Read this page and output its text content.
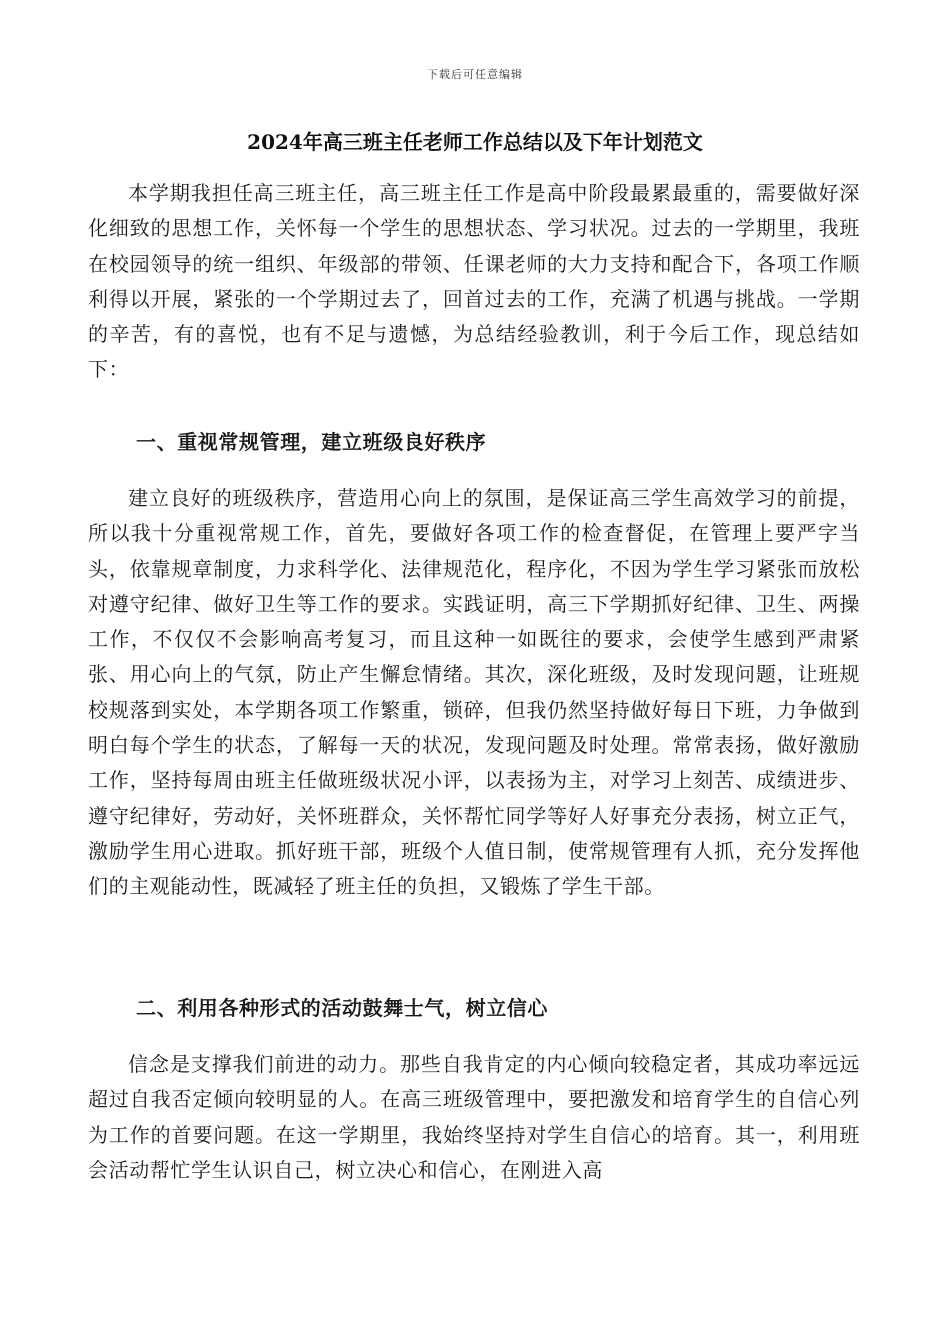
下载后可任意编辑
2024年高三班主任老师工作总结以及下年计划范文

本学期我担任高三班主任，高三班主任工作是高中阶段最累最重的，需要做好深化细致的思想工作，关怀每一个学生的思想状态、学习状况。过去的一学期里，我班在校园领导的统一组织、年级部的带领、任课老师的大力支持和配合下，各项工作顺利得以开展，紧张的一个学期过去了，回首过去的工作，充满了机遇与挑战。一学期的辛苦，有的喜悦，也有不足与遗憾，为总结经验教训，利于今后工作，现总结如下：

一、重视常规管理，建立班级良好秩序

建立良好的班级秩序，营造用心向上的氛围，是保证高三学生高效学习的前提，所以我十分重视常规工作，首先，要做好各项工作的检查督促，在管理上要严字当头，依靠规章制度，力求科学化、法律规范化，程序化，不因为学生学习紧张而放松对遵守纪律、做好卫生等工作的要求。实践证明，高三下学期抓好纪律、卫生、两操工作，不仅仅不会影响高考复习，而且这种一如既往的要求，会使学生感到严肃紧张、用心向上的气氛，防止产生懈怠情绪。其次，深化班级，及时发现问题，让班规校规落到实处，本学期各项工作繁重，锁碎，但我仍然坚持做好每日下班，力争做到明白每个学生的状态，了解每一天的状况，发现问题及时处理。常常表扬，做好激励工作，坚持每周由班主任做班级状况小评，以表扬为主，对学习上刻苦、成绩进步、遵守纪律好，劳动好，关怀班群众，关怀帮忙同学等好人好事充分表扬，树立正气，激励学生用心进取。抓好班干部，班级个人值日制，使常规管理有人抓，充分发挥他们的主观能动性，既减轻了班主任的负担，又锻炼了学生干部。

二、利用各种形式的活动鼓舞士气，树立信心

信念是支撑我们前进的动力。那些自我肯定的内心倾向较稳定者，其成功率远远超过自我否定倾向较明显的人。在高三班级管理中，要把激发和培育学生的自信心列为工作的首要问题。在这一学期里，我始终坚持对学生自信心的培育。其一，利用班会活动帮忙学生认识自己，树立决心和信心，在刚进入高
